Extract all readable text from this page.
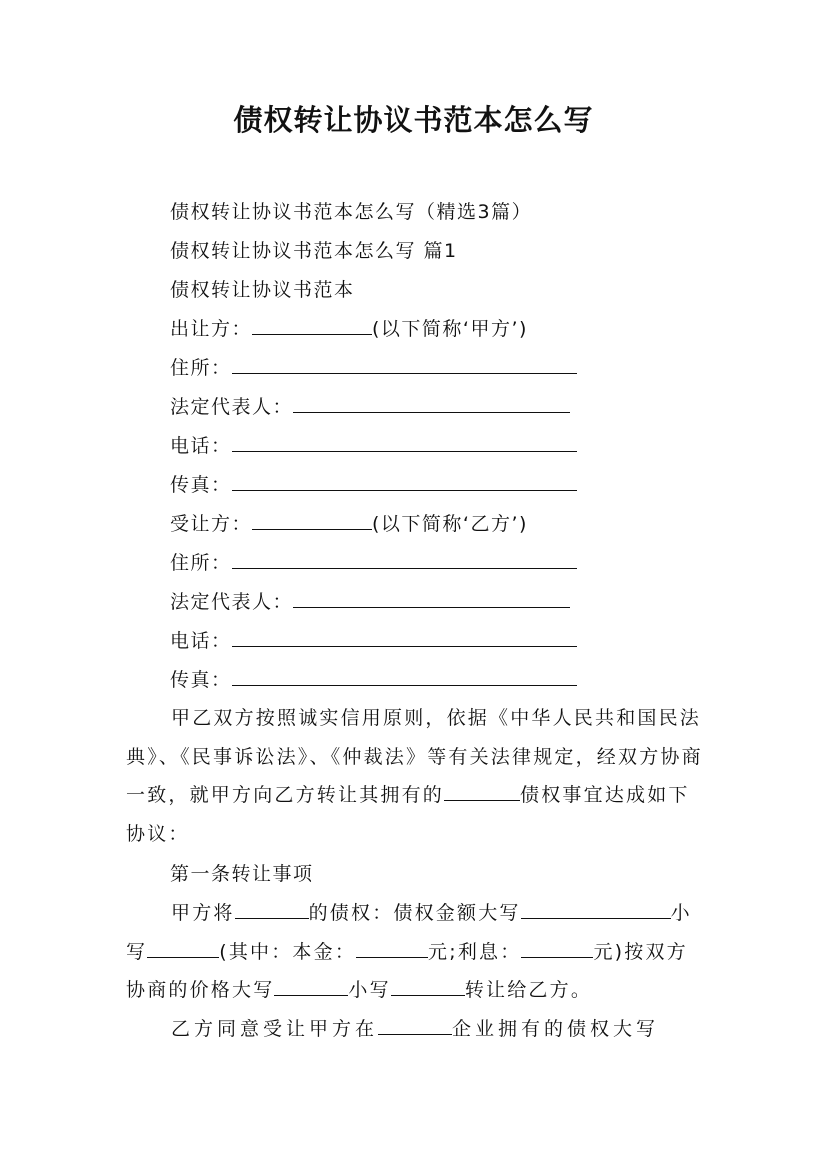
债权转让协议书范本怎么写
债权转让协议书范本怎么写（精选3篇）
债权转让协议书范本怎么写 篇1
债权转让协议书范本
出让方：	(以下简称‘甲方’)
住所：
法定代表人：
电话：
传真：
受让方：	(以下简称‘乙方’)
住所：
法定代表人：
电话：
传真：
甲乙双方按照诚实信用原则，依据《中华人民共和国民法典》、《民事诉讼法》、《仲裁法》等有关法律规定，经双方协商一致，就甲方向乙方转让其拥有的	债权事宜达成如下协议：
第一条转让事项
甲方将	的债权：债权金额大写	小写	(其中：本金：	元;利息：	元)按双方协商的价格大写	小写	转让给乙方。
乙方同意受让甲方在	企业拥有的债权大写
